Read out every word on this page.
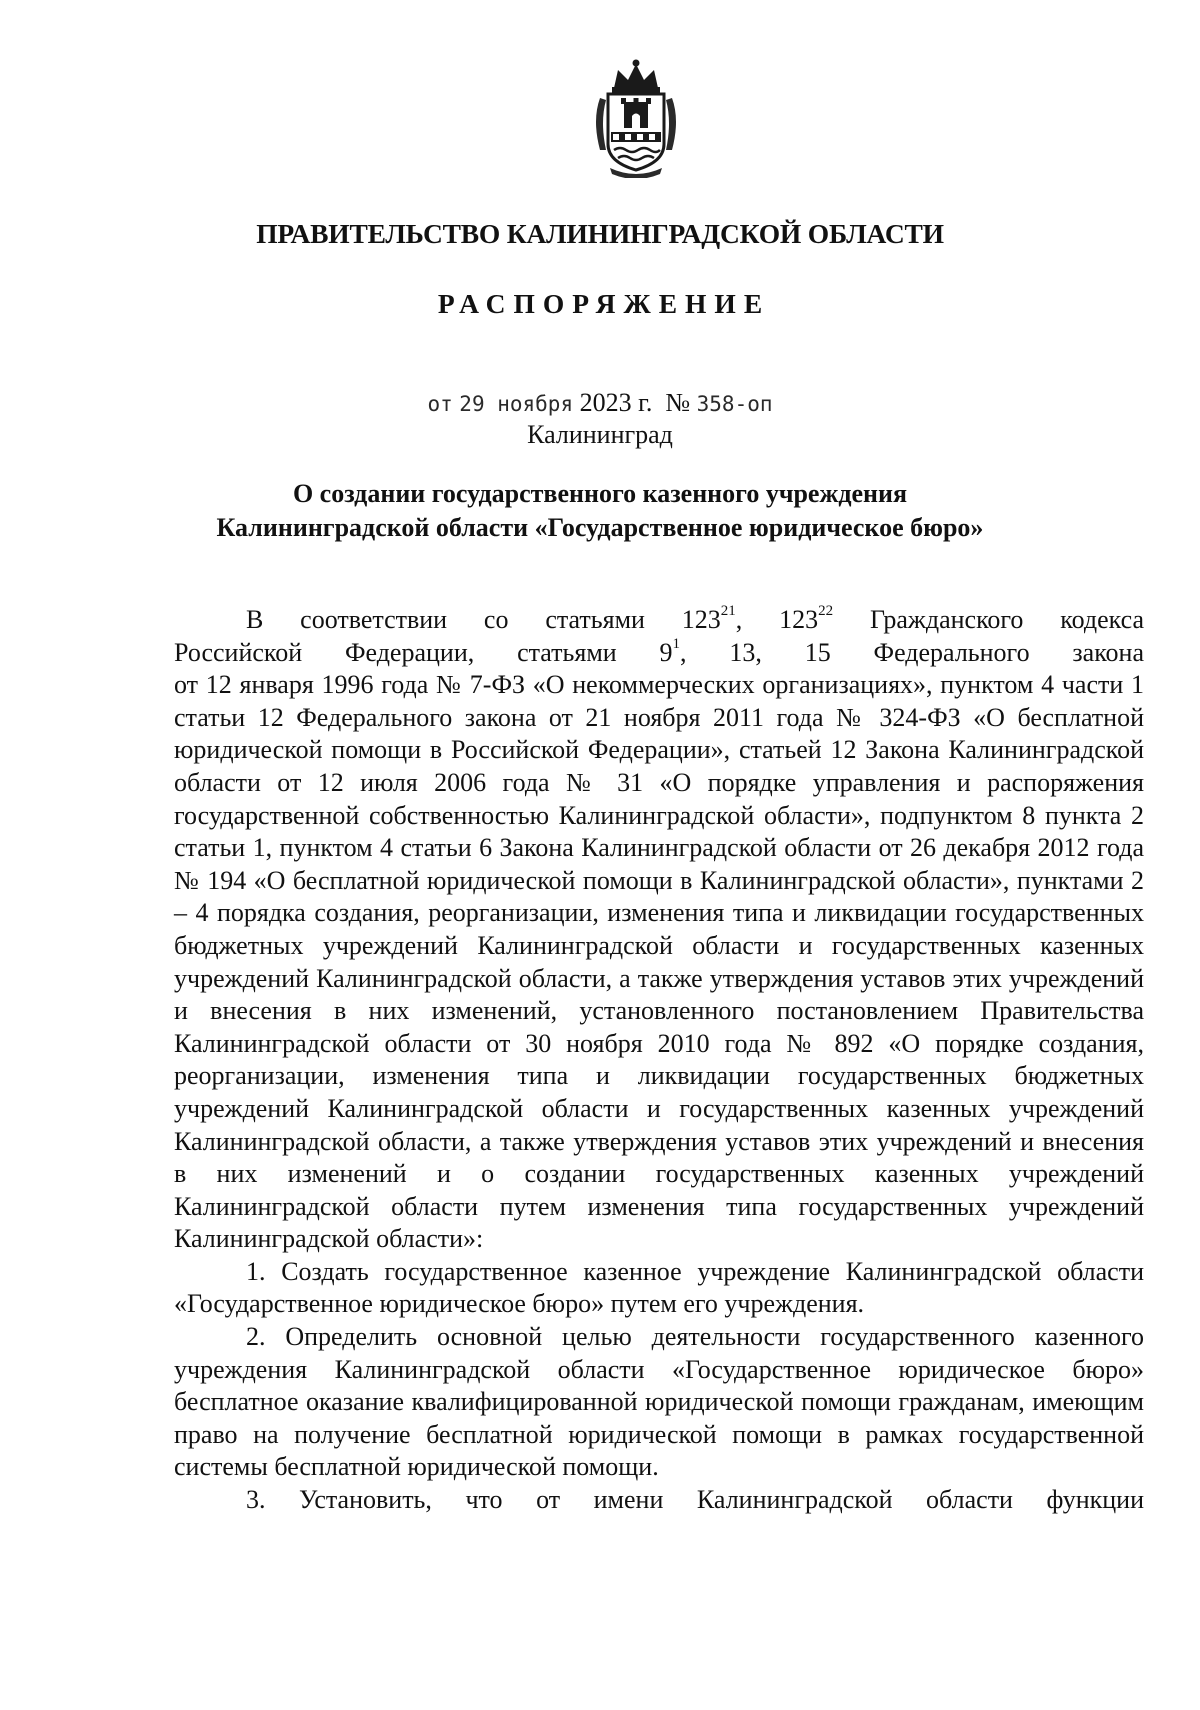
ПРАВИТЕЛЬСТВО КАЛИНИНГРАДСКОЙ ОБЛАСТИ
РАСПОРЯЖЕНИЕ
от 29 ноября 2023 г. № 358-оп
Калининград
О создании государственного казенного учреждения
Калининградской области «Государственное юридическое бюро»

В соответствии со статьями $123^{21}$, $123^{22}$ Гражданского кодекса

Российской Федерации, статьями $9^1$, 13, 15 Федерального закона

от 12 января 1996 года № 7-ФЗ «О некоммерческих организациях», пунктом 4 части 1 статьи 12 Федерального закона от 21 ноября 2011 года № 324-ФЗ «О бесплатной юридической помощи в Российской Федерации», статьей 12 Закона Калининградской области от 12 июля 2006 года № 31 «О порядке управления и распоряжения государственной собственностью Калининградской области», подпунктом 8 пункта 2 статьи 1, пунктом 4 статьи 6 Закона Калининградской области от 26 декабря 2012 года № 194 «О бесплатной юридической помощи в Калининградской области», пунктами 2 – 4 порядка создания, реорганизации, изменения типа и ликвидации государственных бюджетных учреждений Калининградской области и государственных казенных учреждений Калининградской области, а также утверждения уставов этих учреждений и внесения в них изменений, установленного постановлением Правительства Калининградской области от 30 ноября 2010 года № 892 «О порядке создания, реорганизации, изменения типа и ликвидации государственных бюджетных учреждений Калининградской области и государственных казенных учреждений Калининградской области, а также утверждения уставов этих учреждений и внесения в них изменений и о создании государственных казенных учреждений Калининградской области путем изменения типа государственных учреждений Калининградской области»:

1. Создать государственное казенное учреждение Калининградской области «Государственное юридическое бюро» путем его учреждения.

2. Определить основной целью деятельности государственного казенного учреждения Калининградской области «Государственное юридическое бюро» бесплатное оказание квалифицированной юридической помощи гражданам, имеющим право на получение бесплатной юридической помощи в рамках государственной системы бесплатной юридической помощи.

3. Установить, что от имени Калининградской области функции
